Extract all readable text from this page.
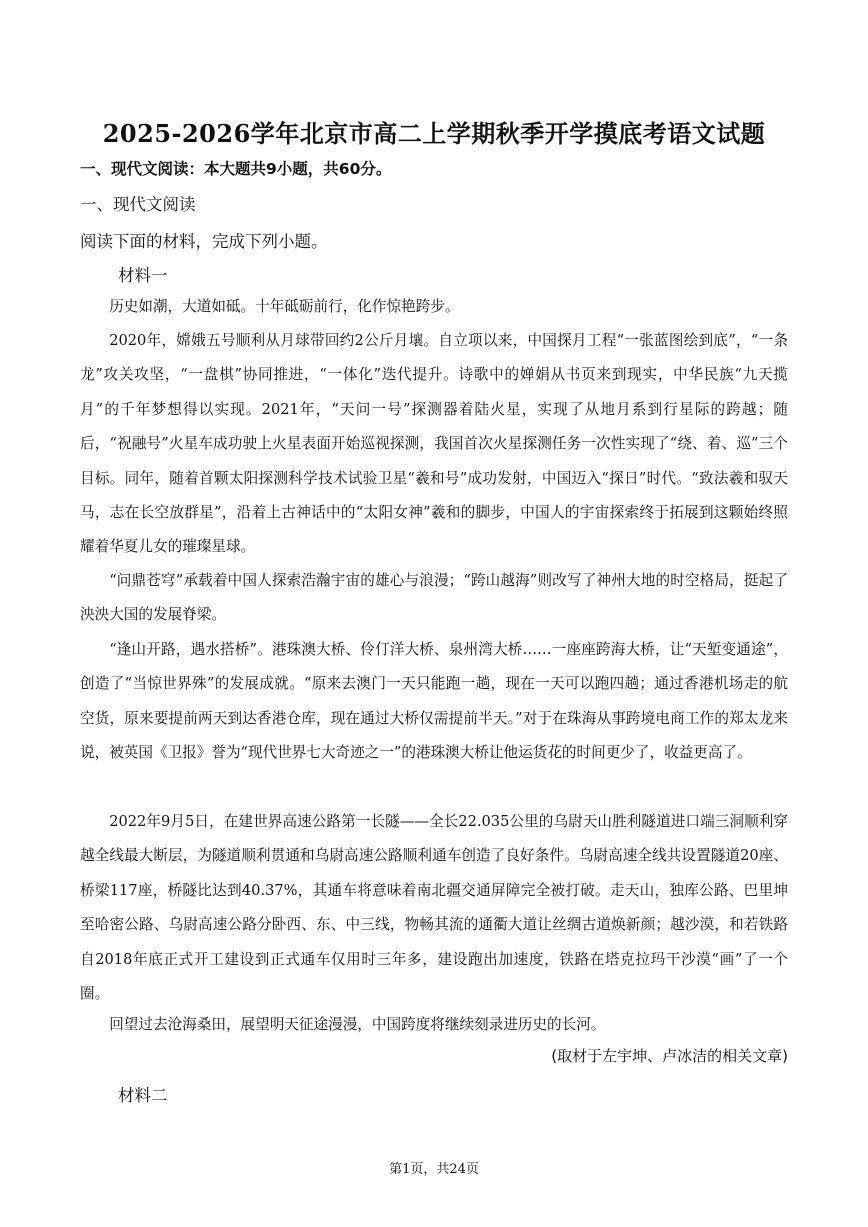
2025-2026学年北京市高二上学期秋季开学摸底考语文试题
一、现代文阅读：本大题共9小题，共60分。
一、现代文阅读
阅读下面的材料，完成下列小题。
材料一

历史如潮，大道如砥。十年砥砺前行，化作惊艳跨步。

2020年，嫦娥五号顺利从月球带回约2公斤月壤。自立项以来，中国探月工程“一张蓝图绘到底”，“一条龙”攻关攻坚，“一盘棋”协同推进，“一体化”迭代提升。诗歌中的婵娟从书页来到现实，中华民族“九天揽月”的千年梦想得以实现。2021年，“天问一号”探测器着陆火星，实现了从地月系到行星际的跨越；随后，“祝融号”火星车成功驶上火星表面开始巡视探测，我国首次火星探测任务一次性实现了“绕、着、巡”三个目标。同年，随着首颗太阳探测科学技术试验卫星“羲和号”成功发射，中国迈入“探日”时代。“致法羲和驭天马，志在长空放群星”，沿着上古神话中的“太阳女神”羲和的脚步，中国人的宇宙探索终于拓展到这颗始终照耀着华夏儿女的璀璨星球。

“问鼎苍穹”承载着中国人探索浩瀚宇宙的雄心与浪漫；“跨山越海”则改写了神州大地的时空格局，挺起了泱泱大国的发展脊梁。

“逢山开路，遇水搭桥”。港珠澳大桥、伶仃洋大桥、泉州湾大桥……一座座跨海大桥，让“天堑变通途”，创造了“当惊世界殊”的发展成就。“原来去澳门一天只能跑一趟，现在一天可以跑四趟；通过香港机场走的航空货，原来要提前两天到达香港仓库，现在通过大桥仅需提前半天。”对于在珠海从事跨境电商工作的郑太龙来说，被英国《卫报》誉为“现代世界七大奇迹之一”的港珠澳大桥让他运货花的时间更少了，收益更高了。

2022年9月5日，在建世界高速公路第一长隧——全长22.035公里的乌尉天山胜利隧道进口端三洞顺利穿越全线最大断层，为隧道顺利贯通和乌尉高速公路顺利通车创造了良好条件。乌尉高速全线共设置隧道20座、桥梁117座，桥隧比达到40.37%，其通车将意味着南北疆交通屏障完全被打破。走天山，独库公路、巴里坤至哈密公路、乌尉高速公路分卧西、东、中三线，物畅其流的通衢大道让丝绸古道焕新颜；越沙漠，和若铁路自2018年底正式开工建设到正式通车仅用时三年多，建设跑出加速度，铁路在塔克拉玛干沙漠“画”了一个圈。

回望过去沧海桑田，展望明天征途漫漫，中国跨度将继续刻录进历史的长河。

(取材于左宇坤、卢冰洁的相关文章)
材料二
第1页，共24页
